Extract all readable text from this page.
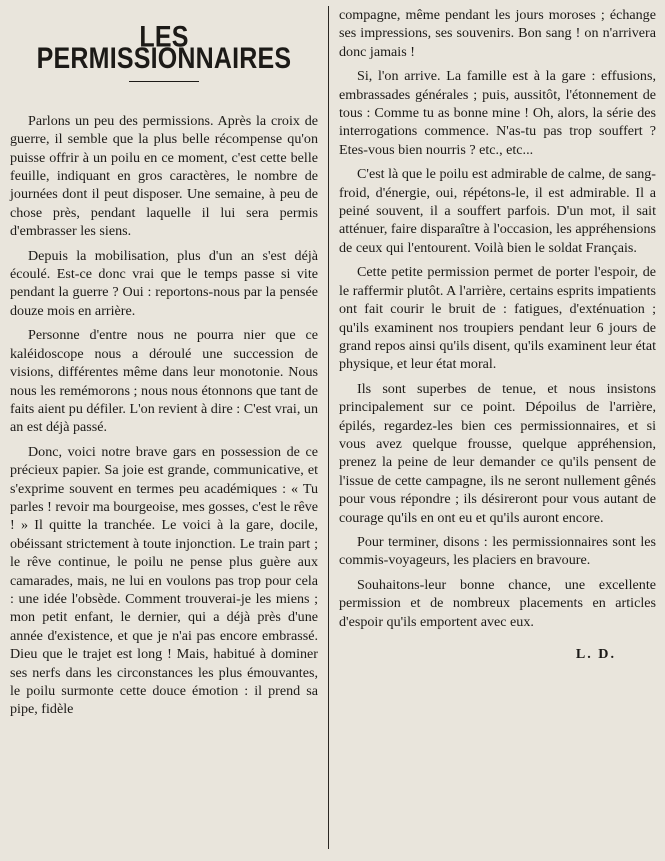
LES PERMISSIONNAIRES

Parlons un peu des permissions. Après la croix de guerre, il semble que la plus belle récompense qu'on puisse offrir à un poilu en ce moment, c'est cette belle feuille, indiquant en gros caractères, le nombre de journées dont il peut disposer. Une semaine, à peu de chose près, pendant laquelle il lui sera permis d'embrasser les siens.

Depuis la mobilisation, plus d'un an s'est déjà écoulé. Est-ce donc vrai que le temps passe si vite pendant la guerre ? Oui : reportons-nous par la pensée douze mois en arrière.

Personne d'entre nous ne pourra nier que ce kaléidoscope nous a déroulé une succession de visions, différentes même dans leur monotonie. Nous nous les remémorons ; nous nous étonnons que tant de faits aient pu défiler. L'on revient à dire : C'est vrai, un an est déjà passé.

Donc, voici notre brave gars en possession de ce précieux papier. Sa joie est grande, communicative, et s'exprime souvent en termes peu académiques : « Tu parles ! revoir ma bourgeoise, mes gosses, c'est le rêve ! » Il quitte la tranchée. Le voici à la gare, docile, obéissant strictement à toute injonction. Le train part ; le rêve continue, le poilu ne pense plus guère aux camarades, mais, ne lui en voulons pas trop pour cela : une idée l'obsède. Comment trouverai-je les miens ; mon petit enfant, le dernier, qui a déjà près d'une année d'existence, et que je n'ai pas encore embrassé. Dieu que le trajet est long ! Mais, habitué à dominer ses nerfs dans les circonstances les plus émouvantes, le poilu surmonte cette douce émotion : il prend sa pipe, fidèle

compagne, même pendant les jours moroses ; échange ses impressions, ses souvenirs. Bon sang ! on n'arrivera donc jamais !

Si, l'on arrive. La famille est à la gare : effusions, embrassades générales ; puis, aussitôt, l'étonnement de tous : Comme tu as bonne mine ! Oh, alors, la série des interrogations commence. N'as-tu pas trop souffert ? Etes-vous bien nourris ? etc., etc...

C'est là que le poilu est admirable de calme, de sang-froid, d'énergie, oui, répétons-le, il est admirable. Il a peiné souvent, il a souffert parfois. D'un mot, il sait atténuer, faire disparaître à l'occasion, les appréhensions de ceux qui l'entourent. Voilà bien le soldat Français.

Cette petite permission permet de porter l'espoir, de le raffermir plutôt. A l'arrière, certains esprits impatients ont fait courir le bruit de : fatigues, d'exténuation ; qu'ils examinent nos troupiers pendant leur 6 jours de grand repos ainsi qu'ils disent, qu'ils examinent leur état physique, et leur état moral.

Ils sont superbes de tenue, et nous insistons principalement sur ce point. Dépoilus de l'arrière, épilés, regardez-les bien ces permissionnaires, et si vous avez quelque frousse, quelque appréhension, prenez la peine de leur demander ce qu'ils pensent de l'issue de cette campagne, ils ne seront nullement gênés pour vous répondre ; ils désireront pour vous autant de courage qu'ils en ont eu et qu'ils auront encore.

Pour terminer, disons : les permissionnaires sont les commis-voyageurs, les placiers en bravoure.

Souhaitons-leur bonne chance, une excellente permission et de nombreux placements en articles d'espoir qu'ils emportent avec eux.

L. D.
